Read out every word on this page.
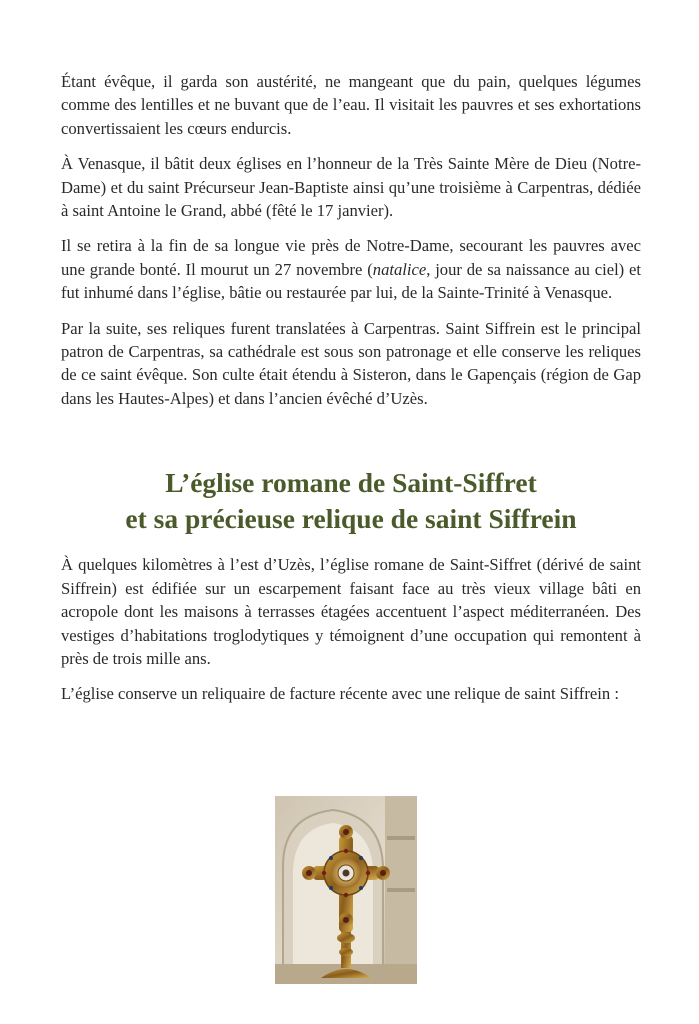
Étant évêque, il garda son austérité, ne mangeant que du pain, quelques légumes comme des lentilles et ne buvant que de l’eau. Il visitait les pauvres et ses exhortations convertissaient les cœurs endurcis.

À Venasque, il bâtit deux églises en l’honneur de la Très Sainte Mère de Dieu (Notre-Dame) et du saint Précurseur Jean-Baptiste ainsi qu’une troisième à Carpentras, dédiée à saint Antoine le Grand, abbé (fêté le 17 janvier).

Il se retira à la fin de sa longue vie près de Notre-Dame, secourant les pauvres avec une grande bonté. Il mourut un 27 novembre (natalice, jour de sa naissance au ciel) et fut inhumé dans l’église, bâtie ou restaurée par lui, de la Sainte-Trinité à Venasque.

Par la suite, ses reliques furent translatées à Carpentras. Saint Siffrein est le principal patron de Carpentras, sa cathédrale est sous son patronage et elle conserve les reliques de ce saint évêque. Son culte était étendu à Sisteron, dans le Gapençais (région de Gap dans les Hautes-Alpes) et dans l’ancien évêché d’Uzès.

L’église romane de Saint-Siffret
et sa précieuse relique de saint Siffrein

À quelques kilomètres à l’est d’Uzès, l’église romane de Saint-Siffret (dérivé de saint Siffrein) est édifiée sur un escarpement faisant face au très vieux village bâti en acropole dont les maisons à terrasses étagées accentuent l’aspect méditerranéen. Des vestiges d’habitations troglodytiques y témoignent d’une occupation qui remontent à près de trois mille ans.

L’église conserve un reliquaire de facture récente avec une relique de saint Siffrein :
